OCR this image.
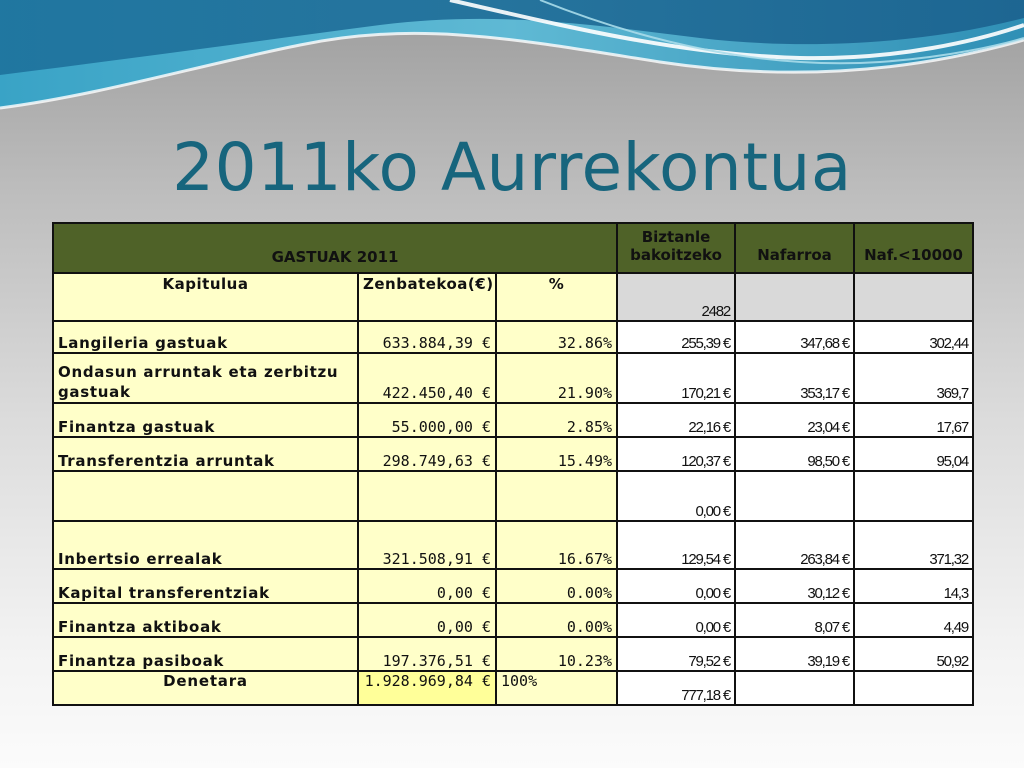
2011ko Aurrekontua
GASTUAK 2011			Biztanle bakoitzeko	Nafarroa	Naf.<10000
Kapitulua	Zenbatekoa(€)	%	2482		
Langileria gastuak	633.884,39 €	32.86%	255,39 €	347,68 €	302,44
Ondasun arruntak eta zerbitzu gastuak	422.450,40 €	21.90%	170,21 €	353,17 €	369,7
Finantza gastuak	55.000,00 €	2.85%	22,16 €	23,04 €	17,67
Transferentzia arruntak	298.749,63 €	15.49%	120,37 €	98,50 €	95,04
			0,00 €		
Inbertsio errealak	321.508,91 €	16.67%	129,54 €	263,84 €	371,32
Kapital transferentziak	0,00 €	0.00%	0,00 €	30,12 €	14,3
Finantza aktiboak	0,00 €	0.00%	0,00 €	8,07 €	4,49
Finantza pasiboak	197.376,51 €	10.23%	79,52 €	39,19 €	50,92
Denetara	1.928.969,84 €	100%	777,18 €		
